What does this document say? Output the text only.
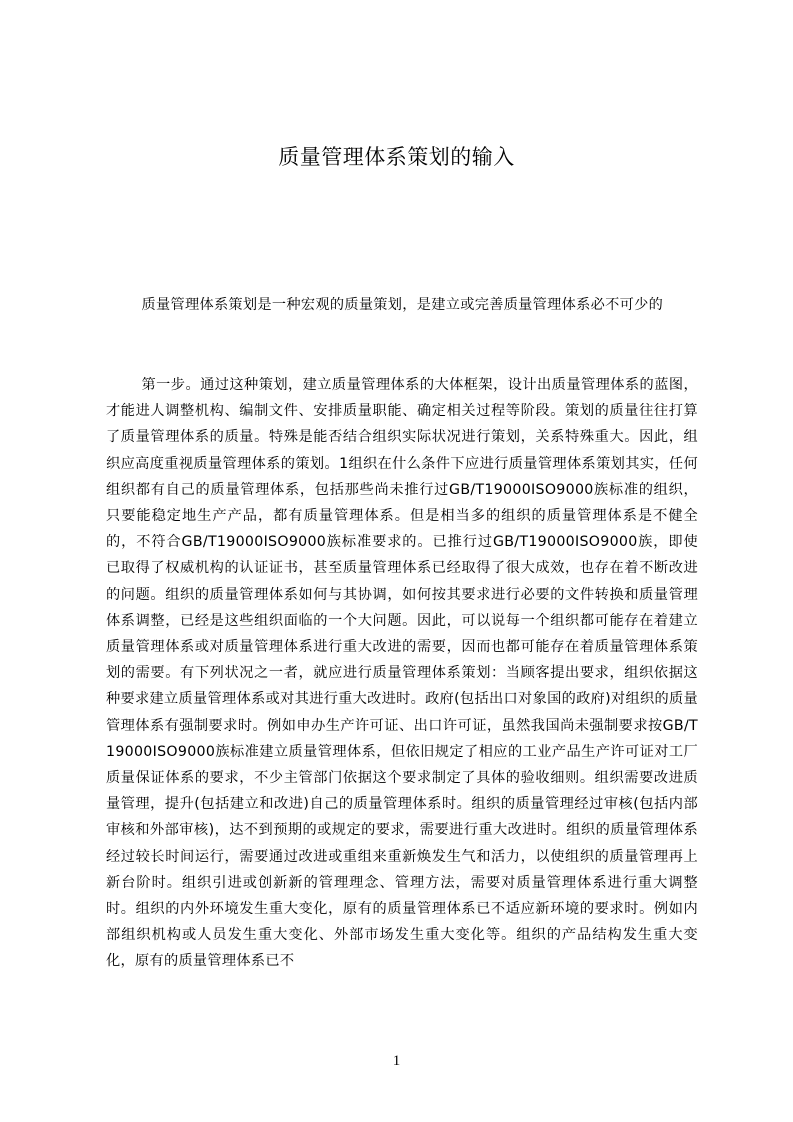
质量管理体系策划的输入
质量管理体系策划是一种宏观的质量策划，是建立或完善质量管理体系必不可少的
第一步。通过这种策划，建立质量管理体系的大体框架，设计出质量管理体系的蓝图，才能进人调整机构、编制文件、安排质量职能、确定相关过程等阶段。策划的质量往往打算了质量管理体系的质量。特殊是能否结合组织实际状况进行策划，关系特殊重大。因此，组织应高度重视质量管理体系的策划。1组织在什么条件下应进行质量管理体系策划其实，任何组织都有自己的质量管理体系，包括那些尚未推行过GB/T19000ISO9000族标准的组织，只要能稳定地生产产品，都有质量管理体系。但是相当多的组织的质量管理体系是不健全的，不符合GB/T19000ISO9000族标准要求的。已推行过GB/T19000ISO9000族，即使已取得了权威机构的认证证书，甚至质量管理体系已经取得了很大成效，也存在着不断改进的问题。组织的质量管理体系如何与其协调，如何按其要求进行必要的文件转换和质量管理体系调整，已经是这些组织面临的一个大问题。因此，可以说每一个组织都可能存在着建立质量管理体系或对质量管理体系进行重大改进的需要，因而也都可能存在着质量管理体系策划的需要。有下列状况之一者，就应进行质量管理体系策划：当顾客提出要求，组织依据这种要求建立质量管理体系或对其进行重大改进时。政府(包括出口对象国的政府)对组织的质量管理体系有强制要求时。例如申办生产许可证、出口许可证，虽然我国尚未强制要求按GB/T19000ISO9000族标准建立质量管理体系，但依旧规定了相应的工业产品生产许可证对工厂质量保证体系的要求，不少主管部门依据这个要求制定了具体的验收细则。组织需要改进质量管理，提升(包括建立和改进)自己的质量管理体系时。组织的质量管理经过审核(包括内部审核和外部审核)，达不到预期的或规定的要求，需要进行重大改进时。组织的质量管理体系经过较长时间运行，需要通过改进或重组来重新焕发生气和活力，以使组织的质量管理再上新台阶时。组织引进或创新新的管理理念、管理方法，需要对质量管理体系进行重大调整时。组织的内外环境发生重大变化，原有的质量管理体系已不适应新环境的要求时。例如内部组织机构或人员发生重大变化、外部市场发生重大变化等。组织的产品结构发生重大变化，原有的质量管理体系已不
1
